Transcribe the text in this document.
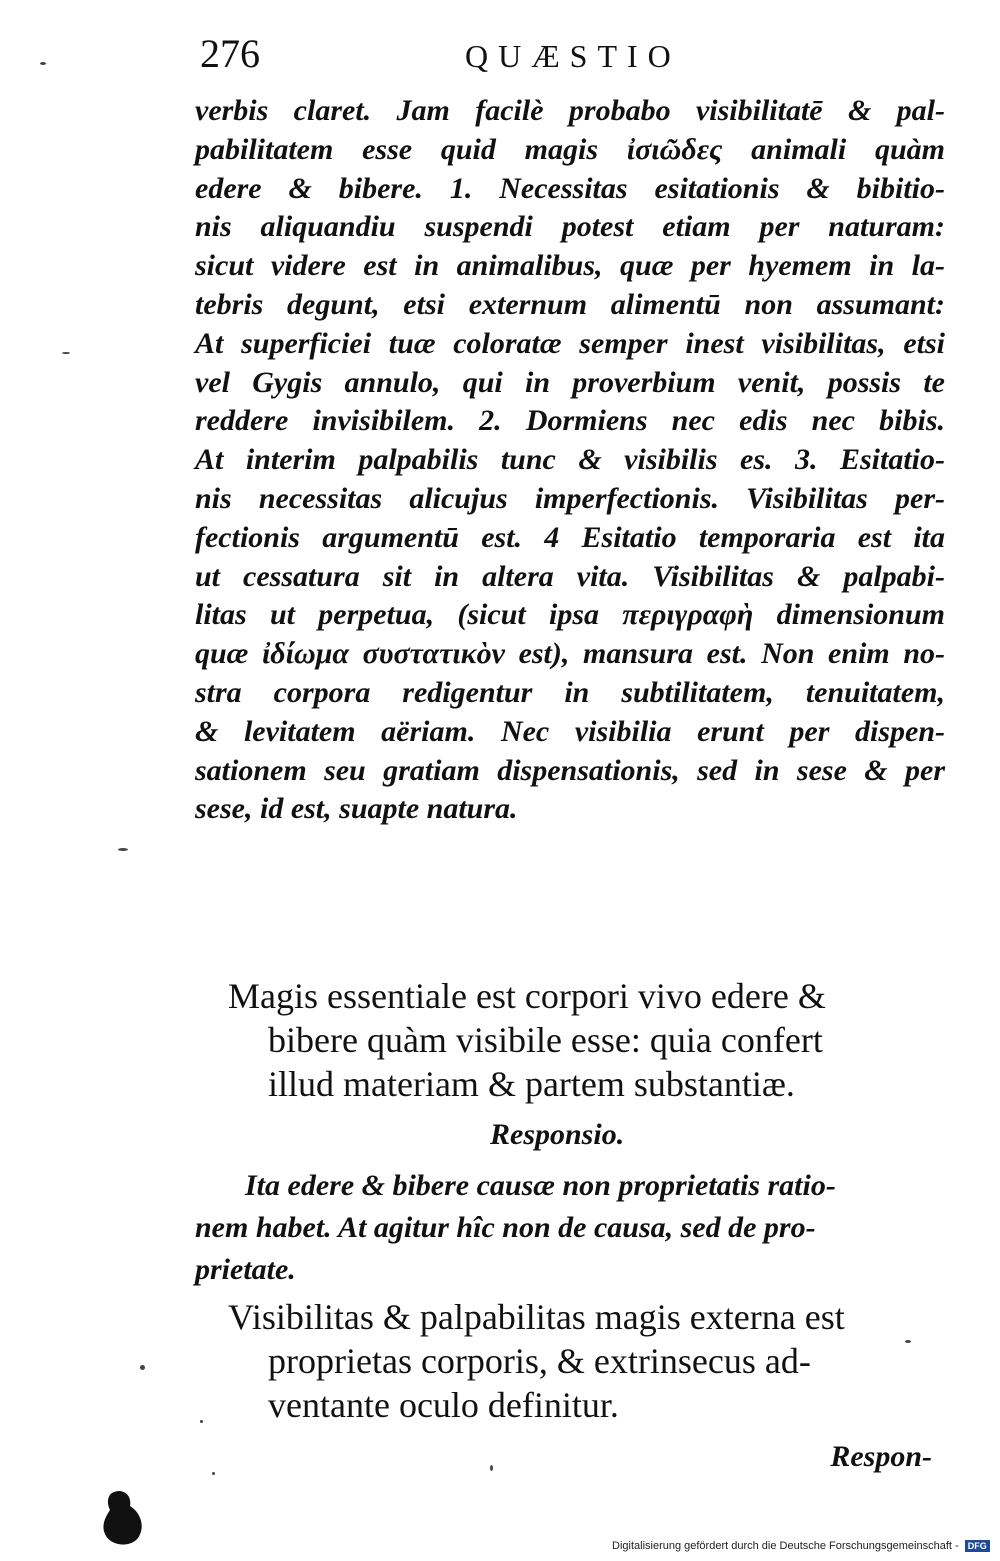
276	QUÆSTIO
verbis claret. Jam facilè probabo visibilitatē & pal-
pabilitatem esse quid magis ἰσιῶδες animali quàm
edere & bibere. 1. Necessitas esitationis & bibitio-
nis aliquandiu suspendi potest etiam per naturam:
sicut videre est in animalibus, quæ per hyemem in la-
tebris degunt, etsi externum alimentū non assumant:
At superficiei tuæ coloratæ semper inest visibilitas, etsi
vel Gygis annulo, qui in proverbium venit, possis te
reddere invisibilem. 2. Dormiens nec edis nec bibis.
At interim palpabilis tunc & visibilis es. 3. Esitatio-
nis necessitas alicujus imperfectionis. Visibilitas per-
fectionis argumentū est. 4 Esitatio temporaria est ita
ut cessatura sit in altera vita. Visibilitas & palpabi-
litas ut perpetua, (sicut ipsa περιγραφὴ dimensionum
quæ ἰδίωμα συστατικὸν est), mansura est. Non enim no-
stra corpora redigentur in subtilitatem, tenuitatem,
& levitatem aëriam. Nec visibilia erunt per dispen-
sationem seu gratiam dispensationis, sed in sese & per
sese, id est, suapte natura.
Magis essentiale est corpori vivo edere &
bibere quàm visibile esse: quia confert
illud materiam & partem substantiæ.
Responsio.
Ita edere & bibere causæ non proprietatis ratio-
nem habet. At agitur hîc non de causa, sed de pro-
prietate.
Visibilitas & palpabilitas magis externa est
proprietas corporis, & extrinsecus ad-
ventante oculo definitur.
Respon-
Digitalisierung gefördert durch die Deutsche Forschungsgemeinschaft - DFG
